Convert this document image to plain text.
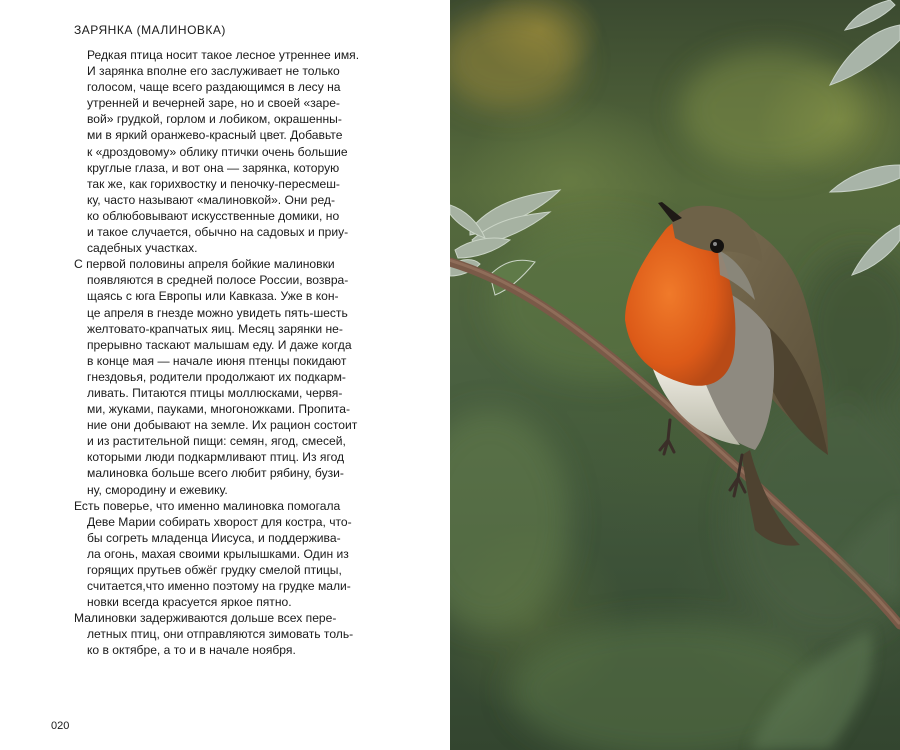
ЗАРЯНКА (МАЛИНОВКА)
Редкая птица носит такое лесное утреннее имя.
И зарянка вполне его заслуживает не только
голосом, чаще всего раздающимся в лесу на
утренней и вечерней заре, но и своей «заре-
вой» грудкой, горлом и лобиком, окрашенны-
ми в яркий оранжево-красный цвет. Добавьте
к «дроздовому» облику птички очень большие
круглые глаза, и вот она — зарянка, которую
так же, как горихвостку и пеночку-пересмеш-
ку, часто называют «малиновкой». Они ред-
ко облюбовывают искусственные домики, но
и такое случается, обычно на садовых и приу-
садебных участках.
С первой половины апреля бойкие малиновки
появляются в средней полосе России, возвра-
щаясь с юга Европы или Кавказа. Уже в кон-
це апреля в гнезде можно увидеть пять-шесть
желтовато-крапчатых яиц. Месяц зарянки не-
прерывно таскают малышам еду. И даже когда
в конце мая — начале июня птенцы покидают
гнездовья, родители продолжают их подкарм-
ливать. Питаются птицы моллюсками, червя-
ми, жуками, пауками, многоножками. Пропита-
ние они добывают на земле. Их рацион состоит
и из растительной пищи: семян, ягод, смесей,
которыми люди подкармливают птиц. Из ягод
малиновка больше всего любит рябину, бузи-
ну, смородину и ежевику.
Есть поверье, что именно малиновка помогала
Деве Марии собирать хворост для костра, что-
бы согреть младенца Иисуса, и поддержива-
ла огонь, махая своими крылышками. Один из
горящих прутьев обжёг грудку смелой птицы,
считается,что именно поэтому на грудке мали-
новки всегда красуется яркое пятно.
Малиновки задерживаются дольше всех пере-
летных птиц, они отправляются зимовать толь-
ко в октябре, а то и в начале ноября.
020
